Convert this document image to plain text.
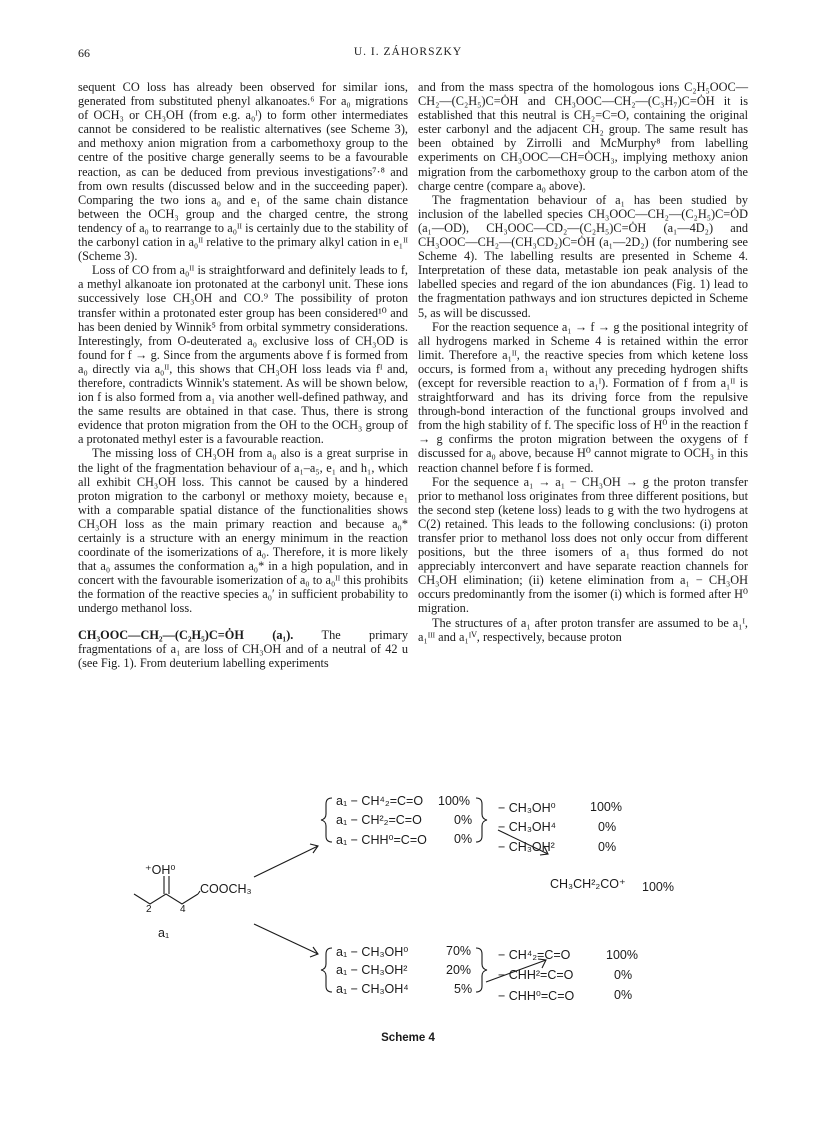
66	U. I. ZÁHORSZKY

sequent CO loss has already been observed for similar ions, generated from substituted phenyl alkanoates.⁶ For a₀ migrations of OCH₃ or CH₃OH (from e.g. a₀ᴵ) to form other intermediates cannot be considered to be realistic alternatives (see Scheme 3), and methoxy anion migration from a carbomethoxy group to the centre of the positive charge generally seems to be a favourable reaction, as can be deduced from previous investigations⁷·⁸ and from own results (discussed below and in the succeeding paper). Comparing the two ions a₀ and e₁ of the same chain distance between the OCH₃ group and the charged centre, the strong tendency of a₀ to rearrange to a₀ᴵᴵ is certainly due to the stability of the carbonyl cation in a₀ᴵᴵ relative to the primary alkyl cation in e₁ᴵᴵ (Scheme 3).

Loss of CO from a₀ᴵᴵ is straightforward and definitely leads to f, a methyl alkanoate ion protonated at the carbonyl unit. These ions successively lose CH₃OH and CO.⁹ The possibility of proton transfer within a protonated ester group has been considered¹⁰ and has been denied by Winnik⁵ from orbital symmetry considerations. Interestingly, from O-deuterated a₀ exclusive loss of CH₃OD is found for f → g. Since from the arguments above f is formed from a₀ directly via a₀ᴵᴵ, this shows that CH₃OH loss leads via fᴵ and, therefore, contradicts Winnik's statement. As will be shown below, ion f is also formed from a₁ via another well-defined pathway, and the same results are obtained in that case. Thus, there is strong evidence that proton migration from the OH to the OCH₃ group of a protonated methyl ester is a favourable reaction.

The missing loss of CH₃OH from a₀ also is a great surprise in the light of the fragmentation behaviour of a₁–a₅, e₁ and h₁, which all exhibit CH₃OH loss. This cannot be caused by a hindered proton migration to the carbonyl or methoxy moiety, because e₁ with a comparable spatial distance of the functionalities shows CH₃OH loss as the main primary reaction and because a₀* certainly is a structure with an energy minimum in the reaction coordinate of the isomerizations of a₀. Therefore, it is more likely that a₀ assumes the conformation a₀* in a high population, and in concert with the favourable isomerization of a₀ to a₀ᴵᴵ this prohibits the formation of the reactive species a₀′ in sufficient probability to undergo methanol loss.

CH₃OOC—CH₂—(C₂H₅)C=ȮH (a₁). The primary fragmentations of a₁ are loss of CH₃OH and of a neutral of 42 u (see Fig. 1). From deuterium labelling experiments

and from the mass spectra of the homologous ions C₂H₅OOC—CH₂—(C₂H₅)C=ȮH and CH₃OOC—CH₂—(C₃H₇)C=ȮH it is established that this neutral is CH₂=C=O, containing the original ester carbonyl and the adjacent CH₂ group. The same result has been obtained by Zirrolli and McMurphy⁸ from labelling experiments on CH₃OOC—CH=ȮCH₃, implying methoxy anion migration from the carbomethoxy group to the carbon atom of the charge centre (compare a₀ above).

The fragmentation behaviour of a₁ has been studied by inclusion of the labelled species CH₃OOC—CH₂—(C₂H₅)C=ȮD (a₁—OD), CH₃OOC—CD₂—(C₂H₅)C=ȮH (a₁—4D₂) and CH₃OOC—CH₂—(CH₃CD₂)C=ȮH (a₁—2D₂) (for numbering see Scheme 4). The labelling results are presented in Scheme 4. Interpretation of these data, metastable ion peak analysis of the labelled species and regard of the ion abundances (Fig. 1) lead to the fragmentation pathways and ion structures depicted in Scheme 5, as will be discussed.

For the reaction sequence a₁ → f → g the positional integrity of all hydrogens marked in Scheme 4 is retained within the error limit. Therefore a₁ᴵᴵ, the reactive species from which ketene loss occurs, is formed from a₁ without any preceding hydrogen shifts (except for reversible reaction to a₁ᴵ). Formation of f from a₁ᴵᴵ is straightforward and has its driving force from the repulsive through-bond interaction of the functional groups involved and from the high stability of f. The specific loss of H⁰ in the reaction f → g confirms the proton migration between the oxygens of f discussed for a₀ above, because H⁰ cannot migrate to OCH₃ in this reaction channel before f is formed.

For the sequence a₁ → a₁ − CH₃OH → g the proton transfer prior to methanol loss originates from three different positions, but the second step (ketene loss) leads to g with the two hydrogens at C(2) retained. This leads to the following conclusions: (i) proton transfer prior to methanol loss does not only occur from different positions, but the three isomers of a₁ thus formed do not appreciably interconvert and have separate reaction channels for CH₃OH elimination; (ii) ketene elimination from a₁ − CH₃OH occurs predominantly from the isomer (i) which is formed after H⁰ migration.

The structures of a₁ after proton transfer are assumed to be a₁ᴵ, a₁ᴵᴵᴵ and a₁ᴵⱽ, respectively, because proton

⁺OH⁰
COOCH₃
2	4
a₁
a₁ − CH⁴₂=C=O 100%
a₁ − CH²₂=C=O	0%
a₁ − CHH⁰=C=O 0%
− CH₃OH⁰	100%
− CH₃OH⁴	0%
− CH₃OH²	0%
CH₃CH²₂CO⁺ 100%
a₁ − CH₃OH⁰	70%
a₁ − CH₃OH²	20%
a₁ − CH₃OH⁴	5%
− CH⁴₂=C=O	100%
− CHH²=C=O	0%
− CHH⁰=C=O	0%
Scheme 4
